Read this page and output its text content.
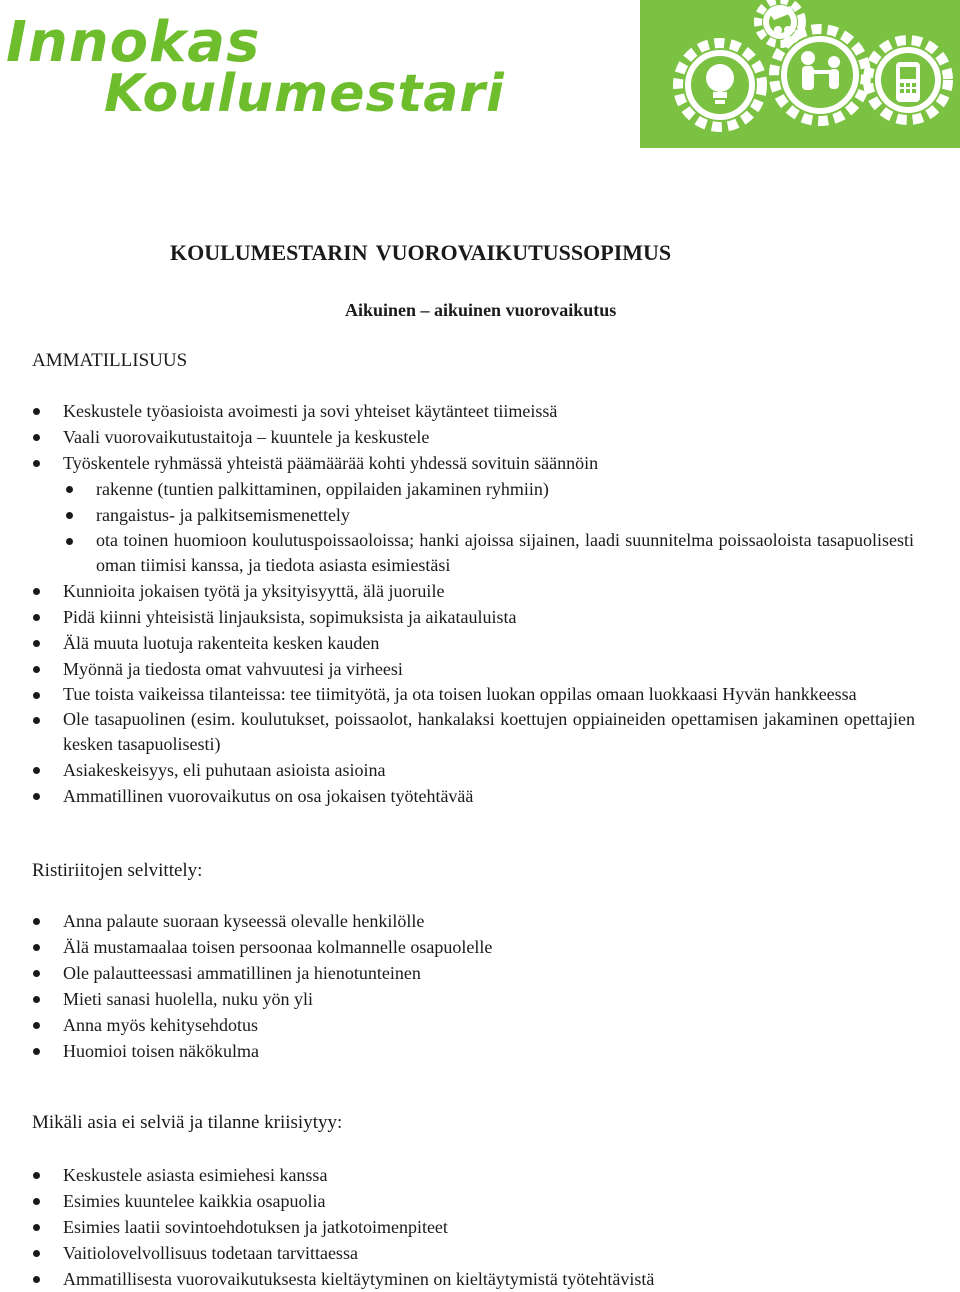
Innokas
Koulumestari
KOULUMESTARIN VUOROVAIKUTUSSOPIMUS
Aikuinen – aikuinen vuorovaikutus
AMMATILLISUUS
Keskustele työasioista avoimesti ja sovi yhteiset käytänteet tiimeissä
Vaali vuorovaikutustaitoja – kuuntele ja keskustele
Työskentele ryhmässä yhteistä päämäärää kohti yhdessä sovituin säännöin
rakenne (tuntien palkittaminen, oppilaiden jakaminen ryhmiin)
rangaistus- ja palkitsemismenettely
ota toinen huomioon koulutuspoissaoloissa; hanki ajoissa sijainen, laadi suunnitelma poissaoloista tasapuolisesti oman tiimisi kanssa, ja tiedota asiasta esimiestäsi
Kunnioita jokaisen työtä ja yksityisyyttä, älä juoruile
Pidä kiinni yhteisistä linjauksista, sopimuksista ja aikatauluista
Älä muuta luotuja rakenteita kesken kauden
Myönnä ja tiedosta omat vahvuutesi ja virheesi
Tue toista vaikeissa tilanteissa: tee tiimityötä, ja ota toisen luokan oppilas omaan luokkaasi Hyvän hankkeessa
Ole tasapuolinen (esim. koulutukset, poissaolot, hankalaksi koettujen oppiaineiden opettamisen jakaminen opettajien kesken tasapuolisesti)
Asiakeskeisyys, eli puhutaan asioista asioina
Ammatillinen vuorovaikutus on osa jokaisen työtehtävää
Ristiriitojen selvittely:
Anna palaute suoraan kyseessä olevalle henkilölle
Älä mustamaalaa toisen persoonaa kolmannelle osapuolelle
Ole palautteessasi ammatillinen ja hienotunteinen
Mieti sanasi huolella, nuku yön yli
Anna myös kehitysehdotus
Huomioi toisen näkökulma
Mikäli asia ei selviä ja tilanne kriisiytyy:
Keskustele asiasta esimiehesi kanssa
Esimies kuuntelee kaikkia osapuolia
Esimies laatii sovintoehdotuksen ja jatkotoimenpiteet
Vaitiolovelvollisuus todetaan tarvittaessa
Ammatillisesta vuorovaikutuksesta kieltäytyminen on kieltäytymistä työtehtävistä
